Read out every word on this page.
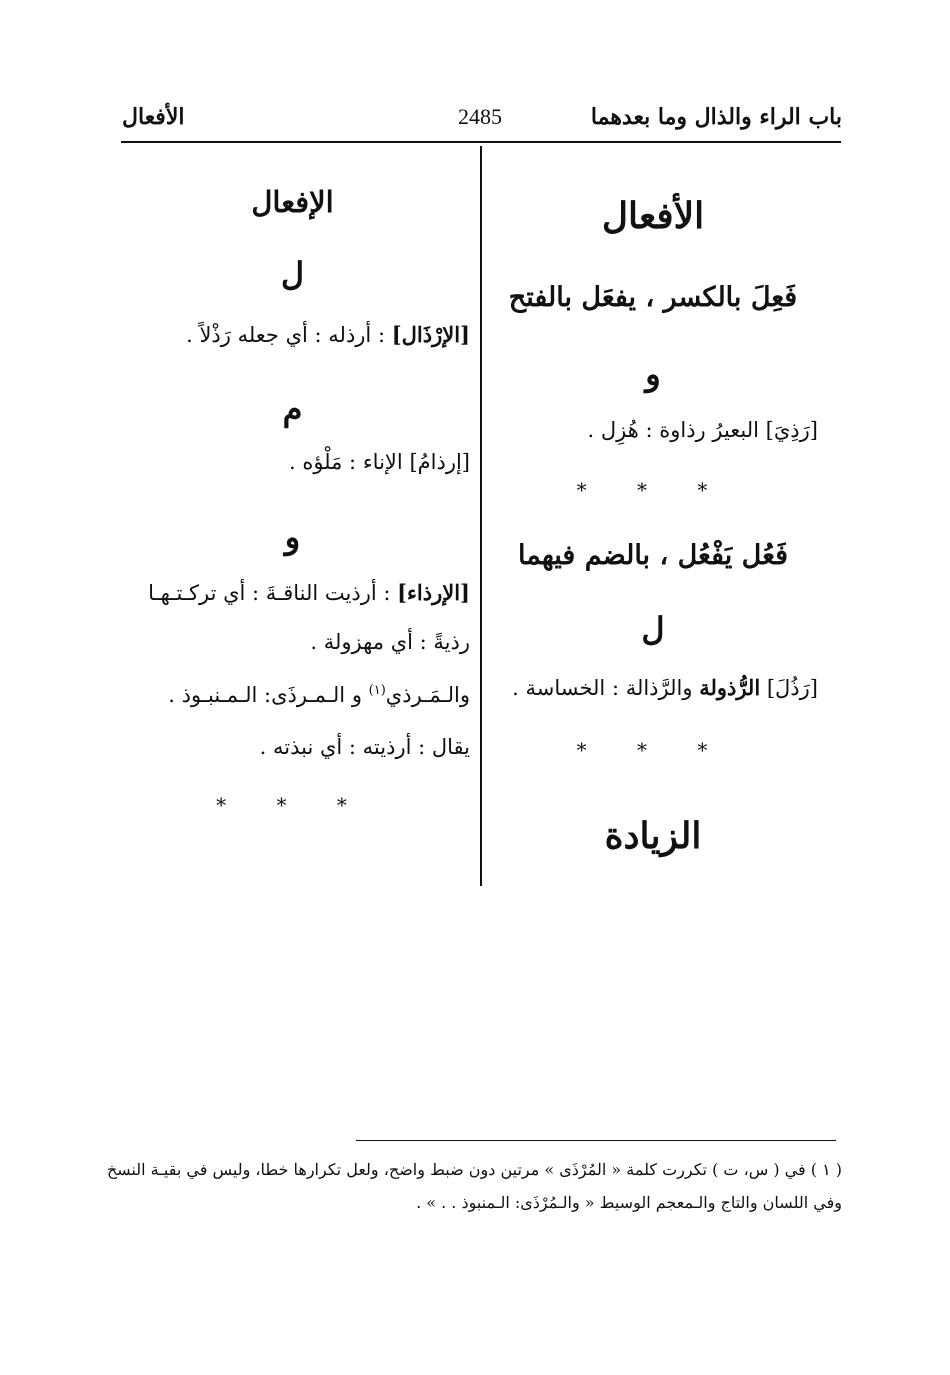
باب الراء والذال وما بعدهما
2485
الأفعال
الأفعال
فَعِلَ بالكسر ، يفعَل بالفتح
و
[رَذِيَ] البعيرُ رذاوة : هُزِل .
* * *
فَعُل يَفْعُل ، بالضم فيهما
ل
[رَذُلَ] الرُّذولة والرَّذالة : الخساسة .
* * *
الزيادة
الإفعال
ل
[الإرْذَال] : أرذله : أي جعله رَذْلاً .
م
[إرذامُ] الإناء : مَلْؤه .
و
[الإرذاء] : أرذيت الناقـةَ : أي تركـتـهـا
رذيةً : أي مهزولة .
والـمَـرذي$^{(١)}$ و الـمـرذَى: الـمـنبـوذ .
يقال : أرذيته : أي نبذته .
* * *
( ١ ) في ( س، ت ) تكررت كلمة « المُرْذَى » مرتين دون ضبط واضح، ولعل تكرارها خطا، وليس في بقيـة النسخ
وفي اللسان والتاج والـمعجم الوسيط « والـمُرْذَى: الـمنبوذ . . » .
